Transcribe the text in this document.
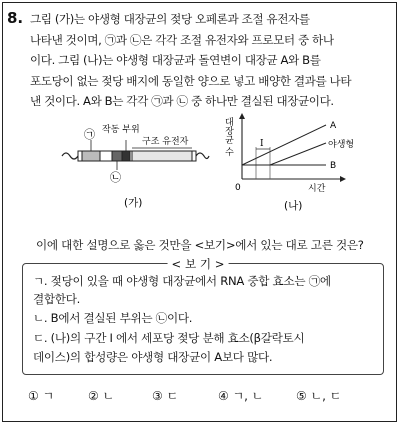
8. 그림 (가)는 야생형 대장균의 젖당 오페론과 조절 유전자를

나타낸 것이며, ㉠과 ㉡은 각각 조절 유전자와 프로모터 중 하나

이다. 그림 (나)는 야생형 대장균과 돌연변이 대장균 A와 B를

포도당이 없는 젖당 배지에 동일한 양으로 넣고 배양한 결과를 나타

낸 것이다. A와 B는 각각 ㉠과 ㉡ 중 하나만 결실된 대장균이다.

작동 부위
구조 유전자
㉠
㉡
(가)
대장균 수
0	시간
I
A
야생형
B
(나)
이에 대한 설명으로 옳은 것만을 <보기>에서 있는 대로 고른 것은?
< 보 기 >
ㄱ. 젖당이 있을 때 야생형 대장균에서 RNA 중합 효소는 ㉠에
결합한다.
ㄴ. B에서 결실된 부위는 ㉡이다.
ㄷ. (나)의 구간 I 에서 세포당 젖당 분해 효소(β갈락토시
데이스)의 합성량은 야생형 대장균이 A보다 많다.
① ㄱ	② ㄴ	③ ㄷ	④ ㄱ, ㄴ	⑤ ㄴ, ㄷ
